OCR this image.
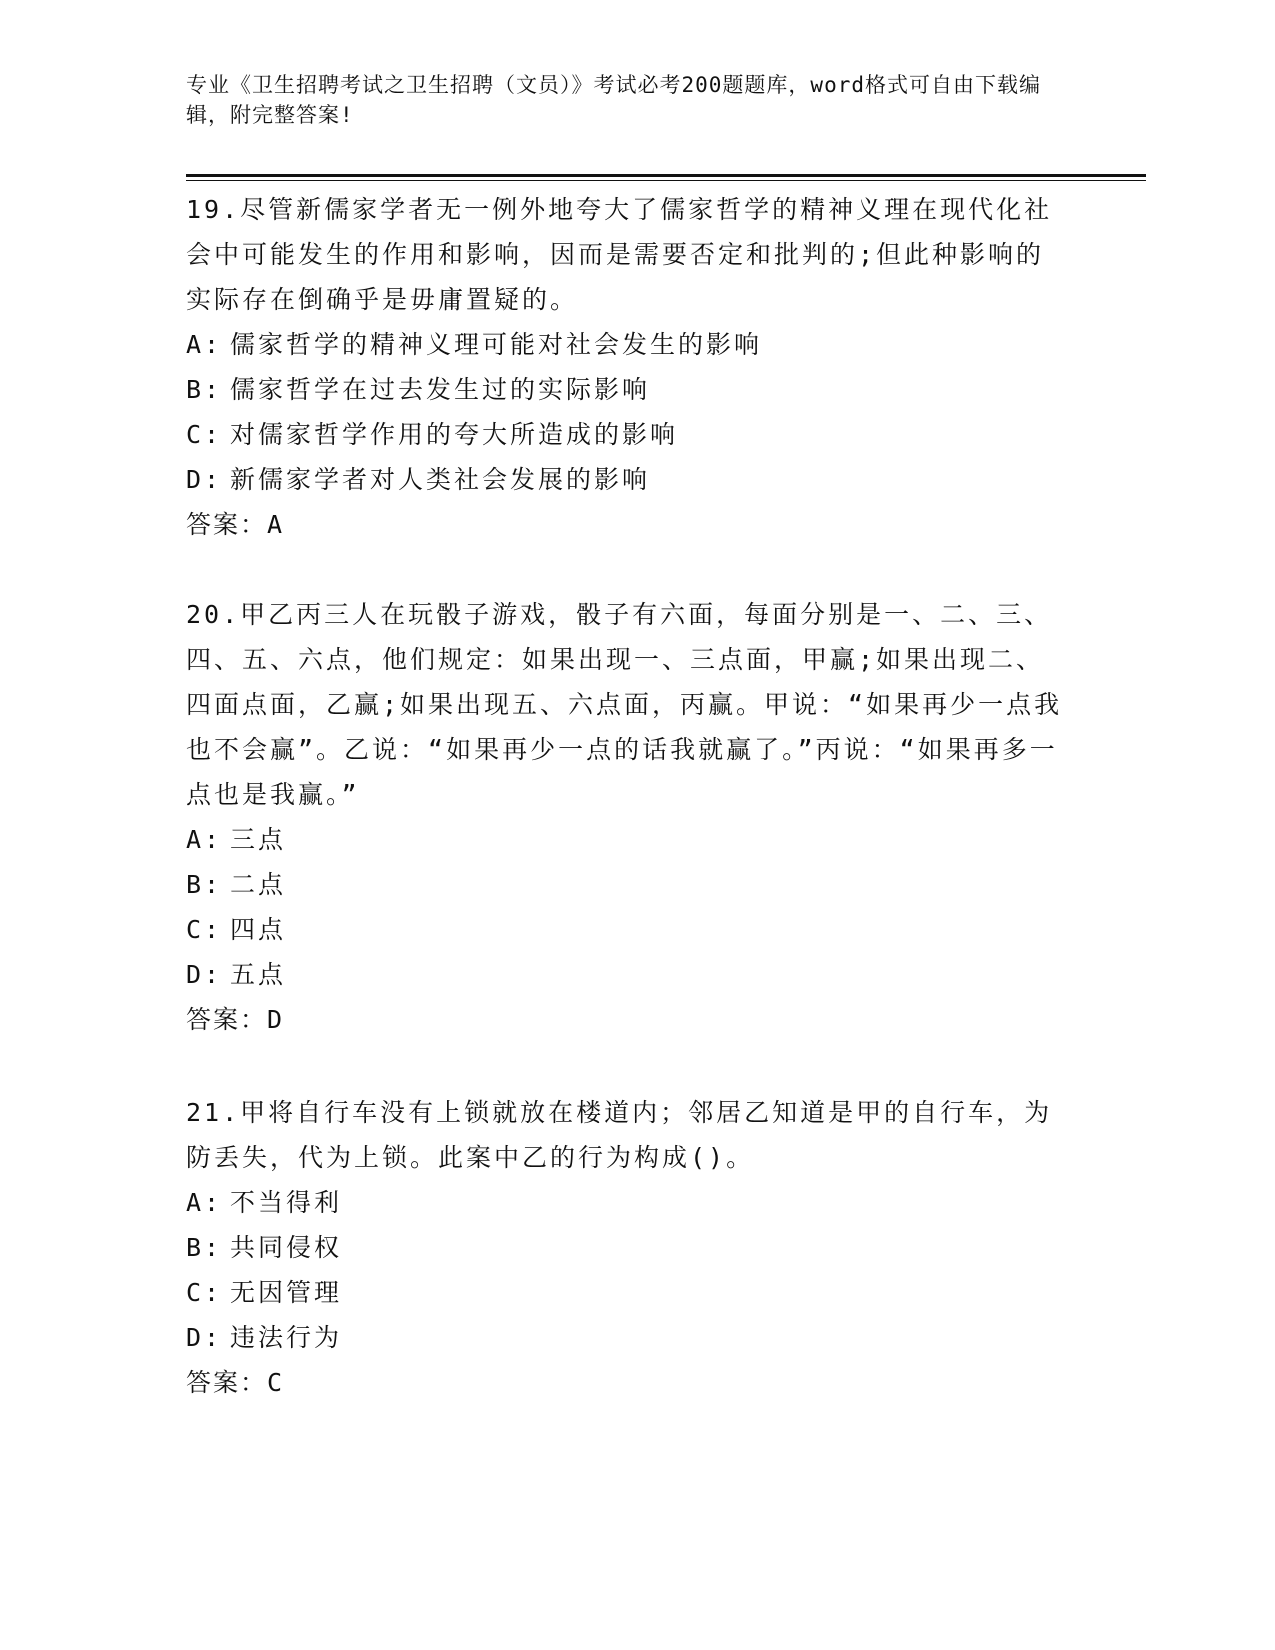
专业《卫生招聘考试之卫生招聘（文员）》考试必考200题题库，word格式可自由下载编辑，附完整答案!

19.尽管新儒家学者无一例外地夸大了儒家哲学的精神义理在现代化社会中可能发生的作用和影响，因而是需要否定和批判的;但此种影响的实际存在倒确乎是毋庸置疑的。

A: 儒家哲学的精神义理可能对社会发生的影响
B: 儒家哲学在过去发生过的实际影响
C: 对儒家哲学作用的夸大所造成的影响
D: 新儒家学者对人类社会发展的影响
答案：A

20.甲乙丙三人在玩骰子游戏，骰子有六面，每面分别是一、二、三、四、五、六点，他们规定：如果出现一、三点面，甲赢;如果出现二、四面点面，乙赢;如果出现五、六点面，丙赢。甲说：“如果再少一点我也不会赢”。乙说：“如果再少一点的话我就赢了。”丙说：“如果再多一点也是我赢。”

A: 三点
B: 二点
C: 四点
D: 五点
答案：D

21.甲将自行车没有上锁就放在楼道内；邻居乙知道是甲的自行车，为防丢失，代为上锁。此案中乙的行为构成()。

A: 不当得利
B: 共同侵权
C: 无因管理
D: 违法行为
答案：C
